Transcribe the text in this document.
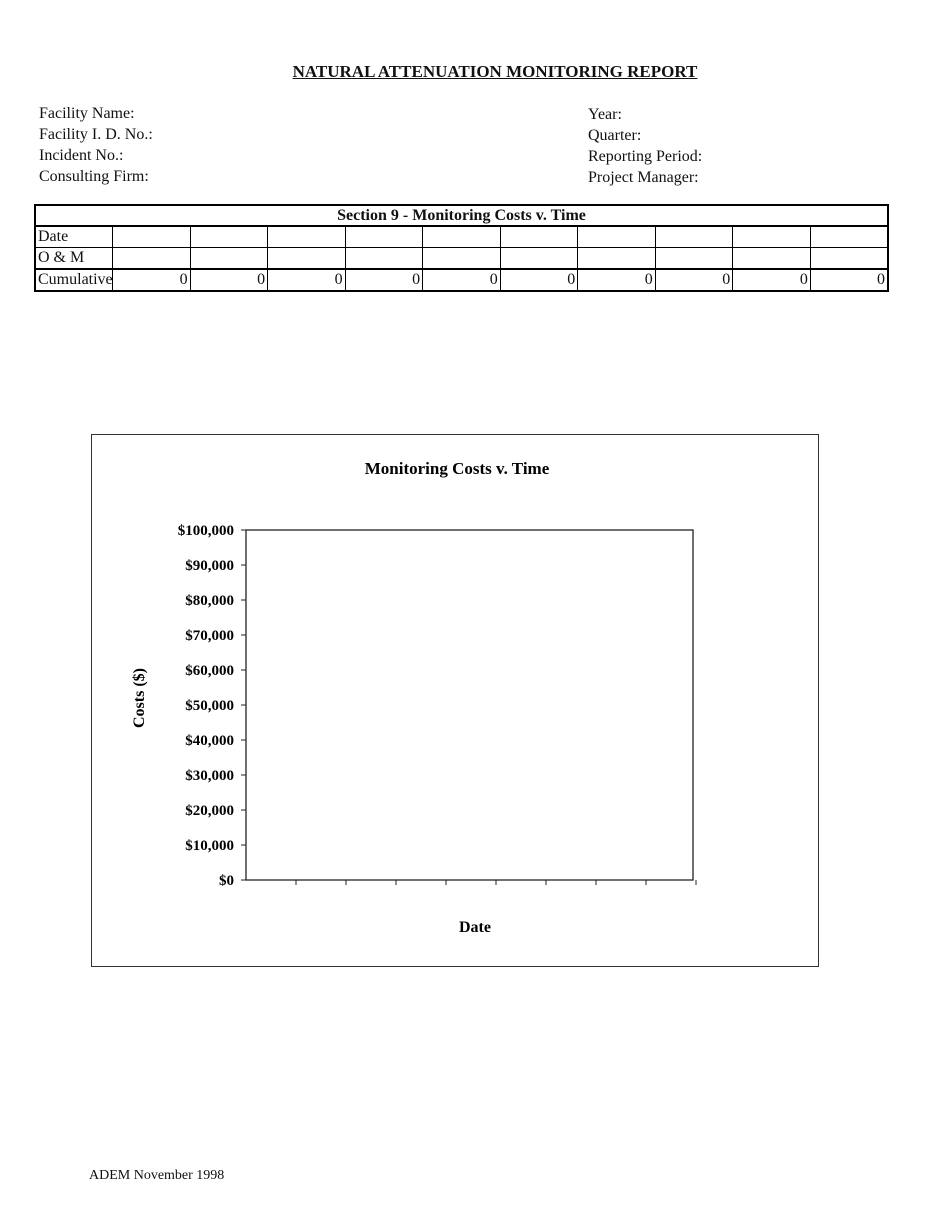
NATURAL ATTENUATION MONITORING REPORT
Facility Name:
Facility I. D. No.:
Incident No.:
Consulting Firm:
Year:
Quarter:
Reporting Period:
Project Manager:
Section 9 - Monitoring Costs v. Time										
Date										
O & M										
Cumulative	0	0	0	0	0	0	0	0	0	0
Monitoring Costs v. Time
$0
$10,000
$20,000
$30,000
$40,000
$50,000
$60,000
$70,000
$80,000
$90,000
$100,000
Date
Costs ($)
ADEM November 1998
